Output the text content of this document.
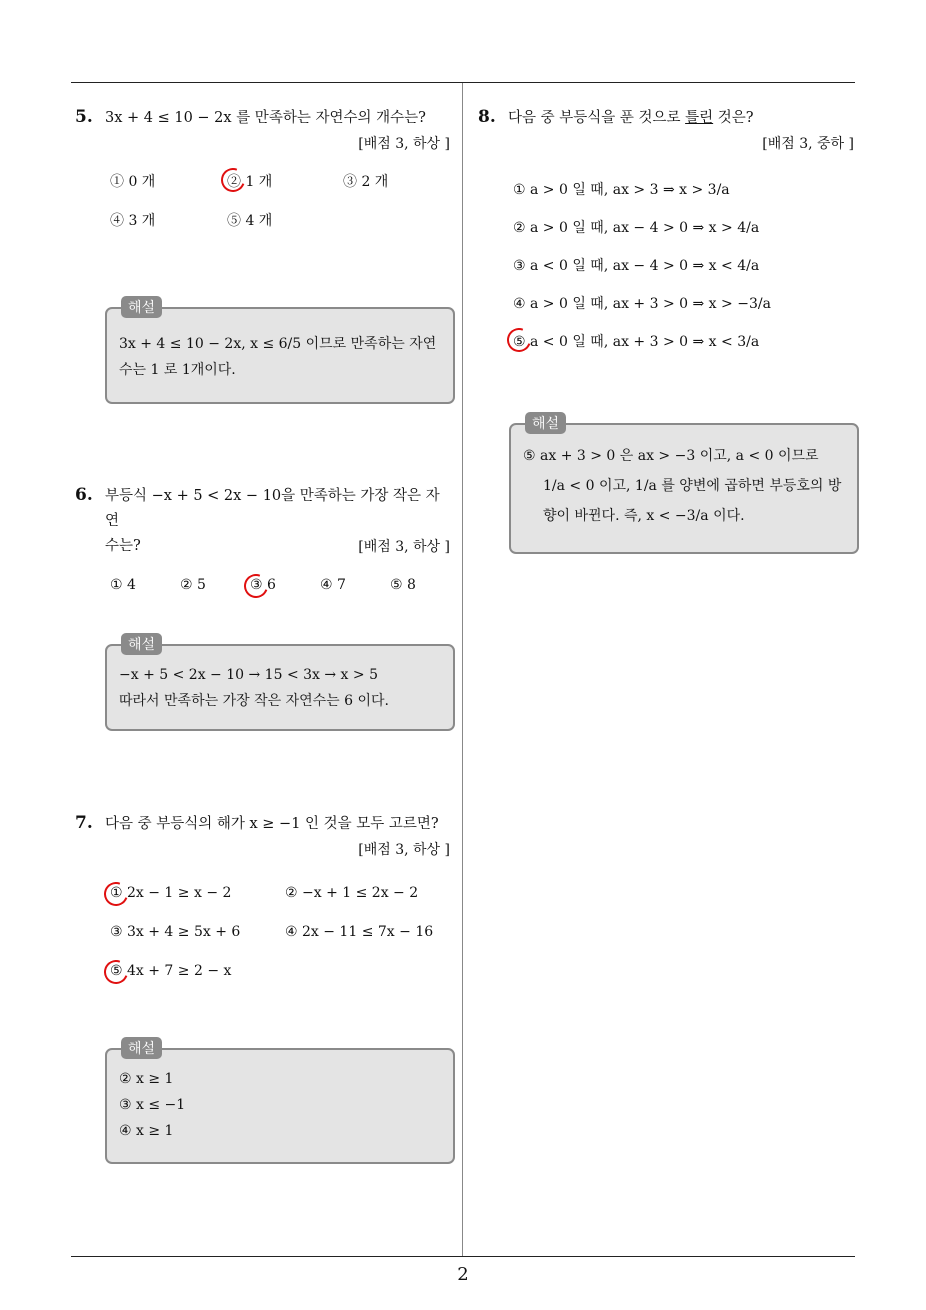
2
5. 3x + 4 ≤ 10 − 2x 를 만족하는 자연수의 개수는?
[배점 3, 하상 ]
① 0 개	② 1 개	③ 2 개
④ 3 개	⑤ 4 개
해설
3x + 4 ≤ 10 − 2x, x ≤ 6/5 이므로 만족하는 자연
수는 1 로 1개이다.
6. 부등식 −x + 5 < 2x − 10을 만족하는 가장 작은 자연
수는?	[배점 3, 하상 ]
① 4	② 5	③ 6	④ 7	⑤ 8
해설
−x + 5 < 2x − 10 → 15 < 3x → x > 5
따라서 만족하는 가장 작은 자연수는 6 이다.
7. 다음 중 부등식의 해가 x ≥ −1 인 것을 모두 고르면?
[배점 3, 하상 ]
① 2x − 1 ≥ x − 2	② −x + 1 ≤ 2x − 2
③ 3x + 4 ≥ 5x + 6	④ 2x − 11 ≤ 7x − 16
⑤ 4x + 7 ≥ 2 − x
해설
② x ≥ 1
③ x ≤ −1
④ x ≥ 1
8. 다음 중 부등식을 푼 것으로 틀린 것은?
[배점 3, 중하 ]
① a > 0 일 때, ax > 3 ⇒ x > 3/a
② a > 0 일 때, ax − 4 > 0 ⇒ x > 4/a
③ a < 0 일 때, ax − 4 > 0 ⇒ x < 4/a
④ a > 0 일 때, ax + 3 > 0 ⇒ x > −3/a
⑤ a < 0 일 때, ax + 3 > 0 ⇒ x < 3/a
해설
⑤ ax + 3 > 0 은 ax > −3 이고, a < 0 이므로
1/a < 0 이고, 1/a 를 양변에 곱하면 부등호의 방
향이 바뀐다. 즉, x < −3/a 이다.
